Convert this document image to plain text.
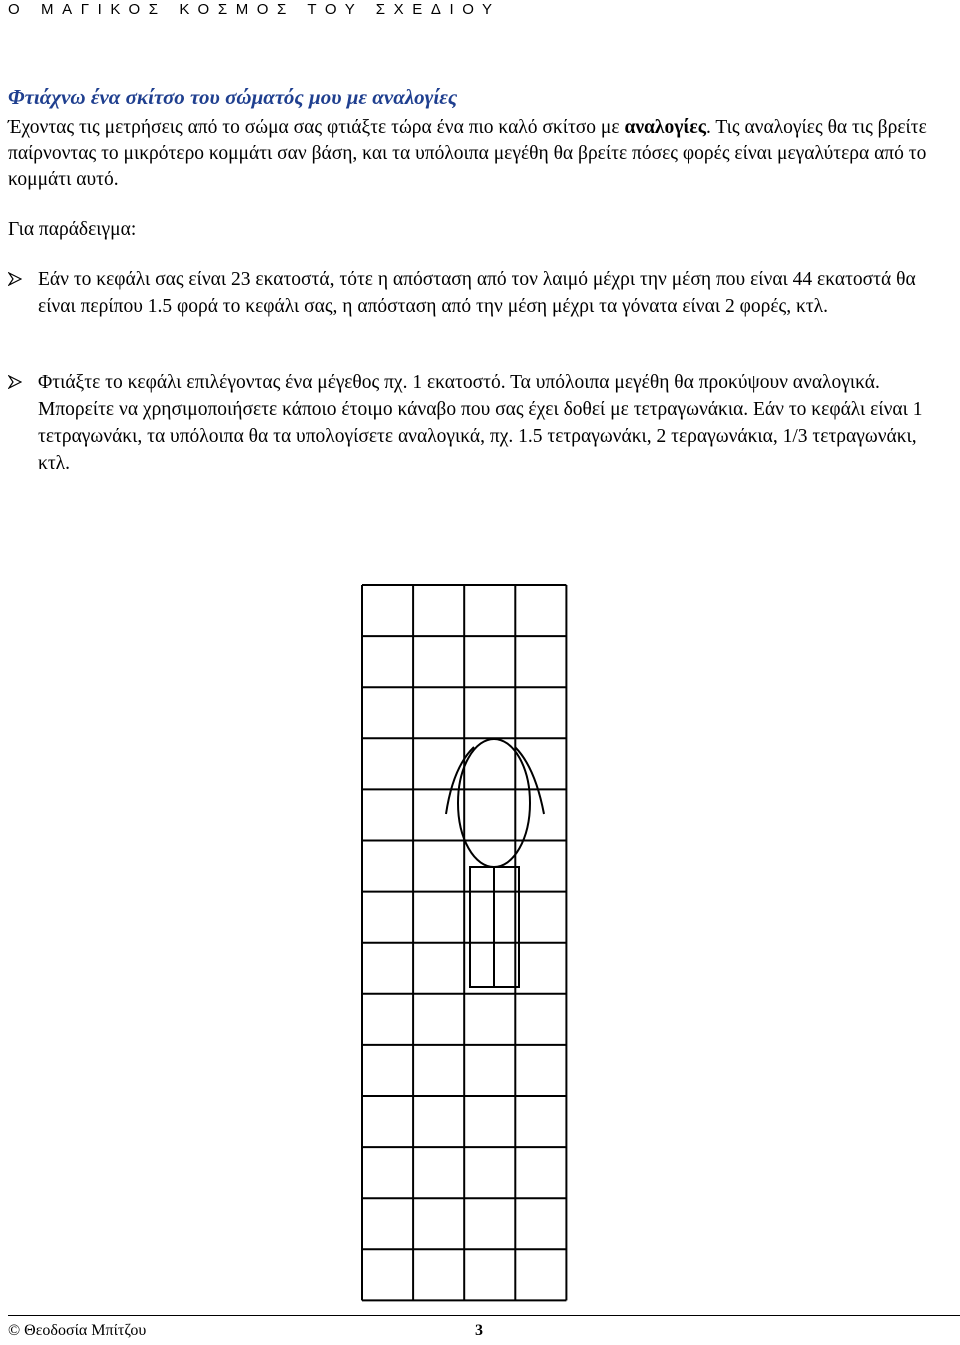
Ο ΜΑΓΙΚΟΣ ΚΟΣΜΟΣ ΤΟΥ ΣΧΕΔΙΟΥ
Φτιάχνω ένα σκίτσο του σώματός μου με αναλογίες
Έχοντας τις μετρήσεις από το σώμα σας φτιάξτε τώρα ένα πιο καλό σκίτσο με αναλογίες. Τις αναλογίες θα τις βρείτε παίρνοντας το μικρότερο κομμάτι σαν βάση, και τα υπόλοιπα μεγέθη θα βρείτε πόσες φορές είναι μεγαλύτερα από το κομμάτι αυτό.
Για παράδειγμα:
Εάν το κεφάλι σας είναι 23 εκατοστά, τότε η απόσταση από τον λαιμό μέχρι την μέση που είναι 44 εκατοστά θα είναι περίπου 1.5 φορά το κεφάλι σας, η απόσταση από την μέση μέχρι τα γόνατα είναι 2 φορές, κτλ.
Φτιάξτε το κεφάλι επιλέγοντας ένα μέγεθος πχ. 1 εκατοστό. Τα υπόλοιπα μεγέθη θα προκύψουν αναλογικά. Μπορείτε να χρησιμοποιήσετε κάποιο έτοιμο κάναβο που σας έχει δοθεί με τετραγωνάκια. Εάν το κεφάλι είναι 1 τετραγωνάκι, τα υπόλοιπα θα τα υπολογίσετε αναλογικά, πχ. 1.5 τετραγωνάκι, 2 τεραγωνάκια, 1/3 τετραγωνάκι, κτλ.
© Θεοδοσία Μπίτζου	3
